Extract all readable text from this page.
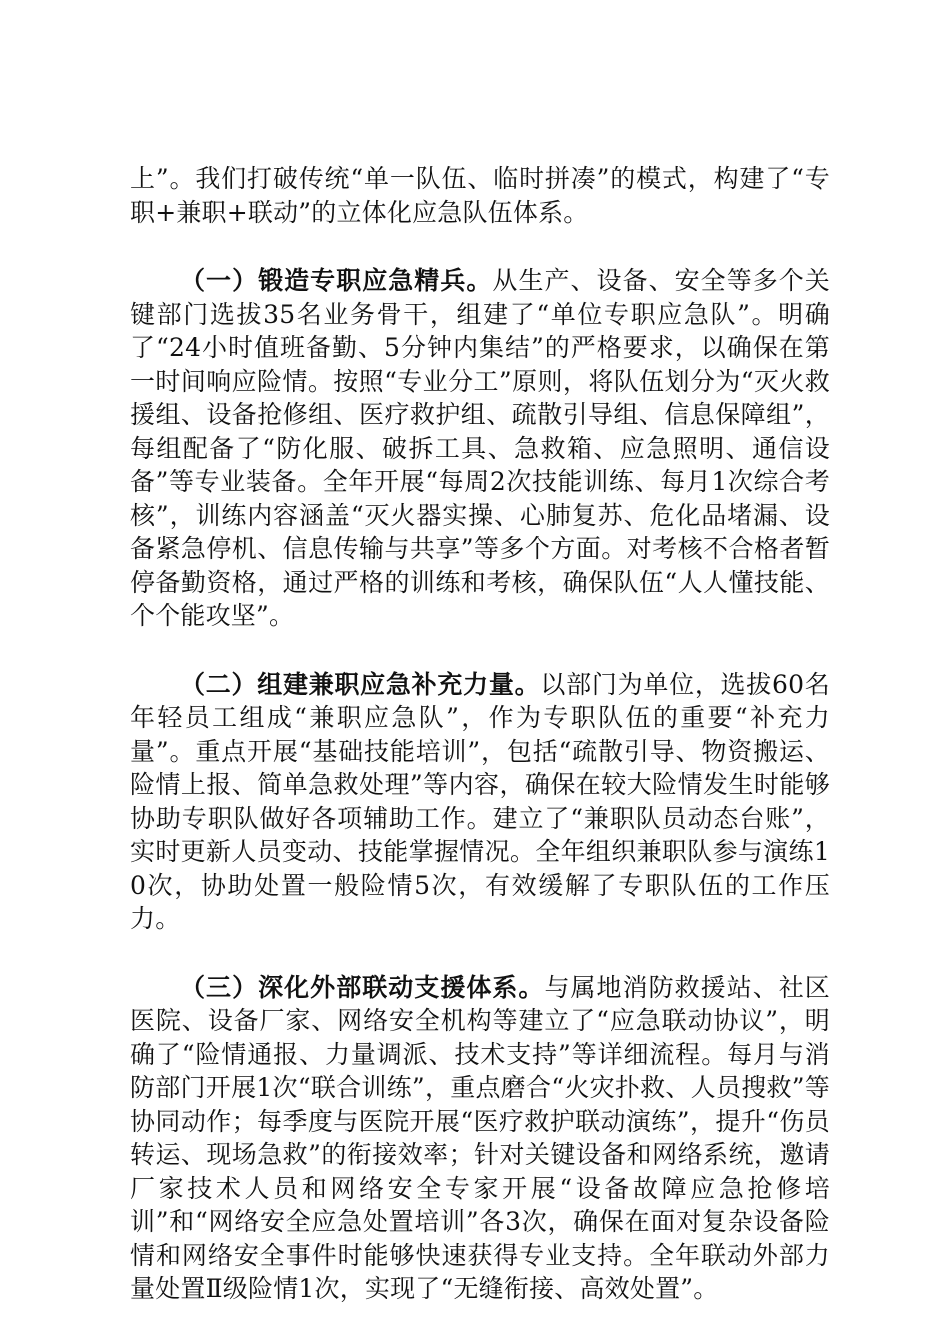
上”。我们打破传统“单一队伍、临时拼凑”的模式，构建了“专职+兼职+联动”的立体化应急队伍体系。

（一）锻造专职应急精兵。从生产、设备、安全等多个关键部门选拔35名业务骨干，组建了“单位专职应急队”。明确了“24小时值班备勤、5分钟内集结”的严格要求，以确保在第一时间响应险情。按照“专业分工”原则，将队伍划分为“灭火救援组、设备抢修组、医疗救护组、疏散引导组、信息保障组”，每组配备了“防化服、破拆工具、急救箱、应急照明、通信设备”等专业装备。全年开展“每周2次技能训练、每月1次综合考核”，训练内容涵盖“灭火器实操、心肺复苏、危化品堵漏、设备紧急停机、信息传输与共享”等多个方面。对考核不合格者暂停备勤资格，通过严格的训练和考核，确保队伍“人人懂技能、个个能攻坚”。

（二）组建兼职应急补充力量。以部门为单位，选拔60名年轻员工组成“兼职应急队”，作为专职队伍的重要“补充力量”。重点开展“基础技能培训”，包括“疏散引导、物资搬运、险情上报、简单急救处理”等内容，确保在较大险情发生时能够协助专职队做好各项辅助工作。建立了“兼职队员动态台账”，实时更新人员变动、技能掌握情况。全年组织兼职队参与演练10次，协助处置一般险情5次，有效缓解了专职队伍的工作压力。

（三）深化外部联动支援体系。与属地消防救援站、社区医院、设备厂家、网络安全机构等建立了“应急联动协议”，明确了“险情通报、力量调派、技术支持”等详细流程。每月与消防部门开展1次“联合训练”，重点磨合“火灾扑救、人员搜救”等协同动作；每季度与医院开展“医疗救护联动演练”，提升“伤员转运、现场急救”的衔接效率；针对关键设备和网络系统，邀请厂家技术人员和网络安全专家开展“设备故障应急抢修培训”和“网络安全应急处置培训”各3次，确保在面对复杂设备险情和网络安全事件时能够快速获得专业支持。全年联动外部力量处置Ⅱ级险情1次，实现了“无缝衔接、高效处置”。
